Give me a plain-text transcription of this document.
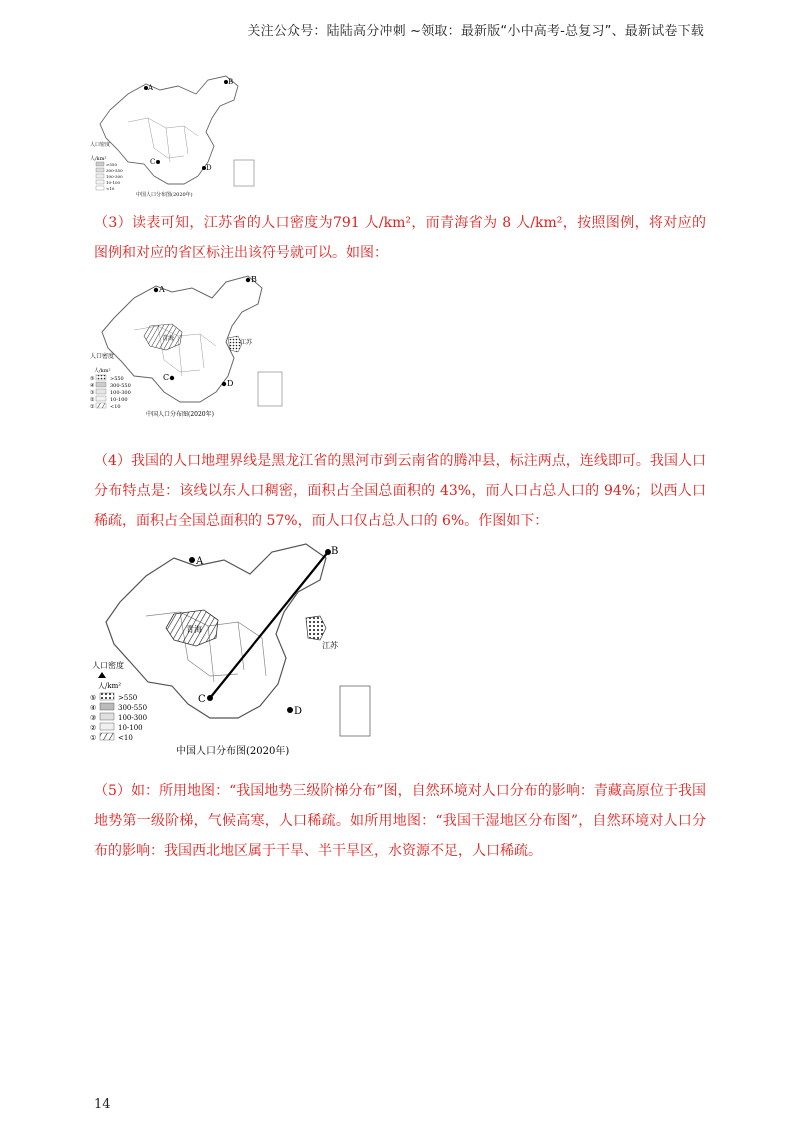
关注公众号：陆陆高分冲刺 ~领取：最新版“小中高考-总复习”、最新试卷下载
A
B
C
D
人口密度
人/km²
>550
300-550
100-300
10-100
<10
中国人口分布图(2020年)
（3）读表可知，江苏省的人口密度为791 人/km²，而青海省为 8 人/km²，按照图例，将对应的图例和对应的省区标注出该符号就可以。如图：
青海
江苏
A
B
C
D
人口密度
人/km²
⑤	>550
④	300-550
③	100-300
②	10-100
①	<10
中国人口分布图(2020年)
（4）我国的人口地理界线是黑龙江省的黑河市到云南省的腾冲县，标注两点，连线即可。我国人口分布特点是：该线以东人口稠密，面积占全国总面积的 43%，而人口占总人口的 94%；以西人口稀疏，面积占全国总面积的 57%，而人口仅占总人口的 6%。作图如下：
青海
江苏
A
B
C
D
人口密度
人/km²
⑤	>550
④	300-550
③	100-300
②	10-100
①	<10
中国人口分布图(2020年)
（5）如：所用地图：“我国地势三级阶梯分布”图，自然环境对人口分布的影响：青藏高原位于我国地势第一级阶梯，气候高寒，人口稀疏。如所用地图：“我国干湿地区分布图”，自然环境对人口分布的影响：我国西北地区属于干旱、半干旱区，水资源不足，人口稀疏。
14
